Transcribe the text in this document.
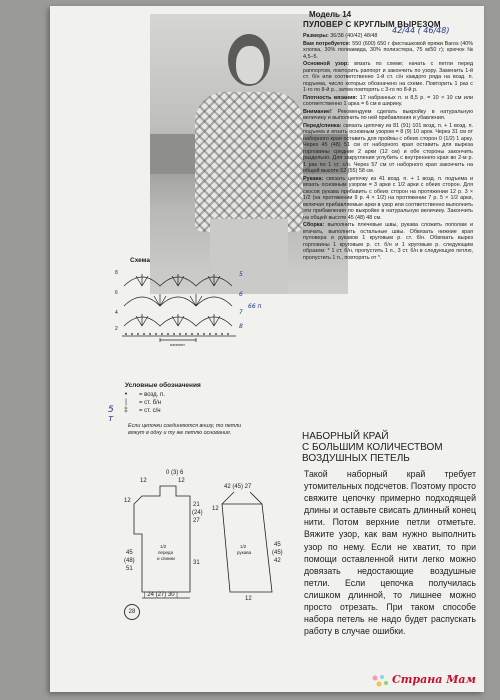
Модель 14
ПУЛОВЕР С КРУГЛЫМ ВЫРЕЗОМ
42/44 ( 46/48)

Размеры: 36/38 (40/42) 48/48

Вам потребуется: 550 (600) 650 г фисташковой пряжи Baros (40% хлопка, 30% полиамида, 30% полиэстера, 75 м/50 г); крючок № 4,5–5.

Основной узор: вязать по схеме; начать с петли перед раппортом, повторить раппорт и закончить по узору. Заменить 1-й ст. б/н или соответственно 1-й ст. с/н каждого ряда на возд. п. подъема, число которых обозначено на схеме. Повторить 1 раз с 1-го по 8-й р., затем повторять с 3-го по 8-й р.

Плотность вязания: 17 набранных п. и 8,5 р. = 10 × 10 см или соответственно 1 арка = 6 см в ширину.

Внимание! Рекомендуем сделать выкройку в натуральную величину и выполнить по ней прибавления и убавления.

Перед/спинка: связать цепочку из 81 (91) 101 возд. п. + 1 возд. п. подъема и вязать основным узором = 8 (9) 10 арок. Через 31 см от наборного края оставить для проймы с обеих сторон 0 (1/2) 1 арку. Через 45 (48) 51 см от наборного края оставить для выреза горловины средние 2 арки (12 см) и обе стороны закончить раздельно. Для закругления углубить с внутреннего края во 2-м р. 1 раз по 1 ст. с/н. Через 57 см от наборного края закончить на общей высоте 52 (55) 58 см.

Рукава: связать цепочку из 41 возд. п. + 1 возд. п. подъема и вязать основным узором = 3 арки с 1/2 арки с обеих сторон. Для скосов рукава прибавить с обеих сторон на протяжении 12 р. 3 × 1/2 (на протяжении 9 р. 4 × 1/2) на протяжении 7 р. 5 × 1/2 арки, включая прибавляемые арки в узор или соответственно выполнить эти прибавления по выкройке в натуральную величину. Закончить на общей высоте 45 (48) 48 см.

Сборка: выполнить плечевые швы, рукава сложить пополам и втачать, выполнить остальные швы. Обвязать нижние края пуловера и рукавов 1 круговым р. ст. б/н. Обвязать вырез горловины 1 круговым р. ст. б/н и 1 круговым р. следующим образом: * 1 ст. б/н, пропустить 1 п., 3 ст. б/н в следующую петлю, пропустить 1 п., повторять от *.

Схема
8
6
4
2
раппорт
5
6
7
8
66 п
Условные обозначения
•	= возд. п.
|	= ст. б/н
‡	= ст. с/н
5
т
Если цепочки соединяются внизу, то петли вяжут в одну и ту же петлю основания.	НАБОРНЫЙ КРАЙ
С БОЛЬШИМ КОЛИЧЕСТВОМ
ВОЗДУШНЫХ ПЕТЕЛЬ
Такой наборный край требует утомительных подсчетов. Поэтому просто свяжите цепочку примерно подходящей длины и оставьте свисать длинный конец нити. Потом верхние петли отметьте. Вяжите узор, как вам нужно выполнить узор по нему. Если не хватит, то при помощи оставленной нити легко можно довязать недостающие воздушные петли. Если цепочка получилась слишком длинной, то лишнее можно просто отрезать. При таком способе набора петель не надо будет распускать работу в случае ошибки.
12
0 (3) 6
12
12
21
(24)
27
45
(48)
51
31
1/2
переда
и спинки
| 24 (27) 30 |
42 (45) 27
12
45
(45)
42
1/2
рукава
12
28
Страна Мам
